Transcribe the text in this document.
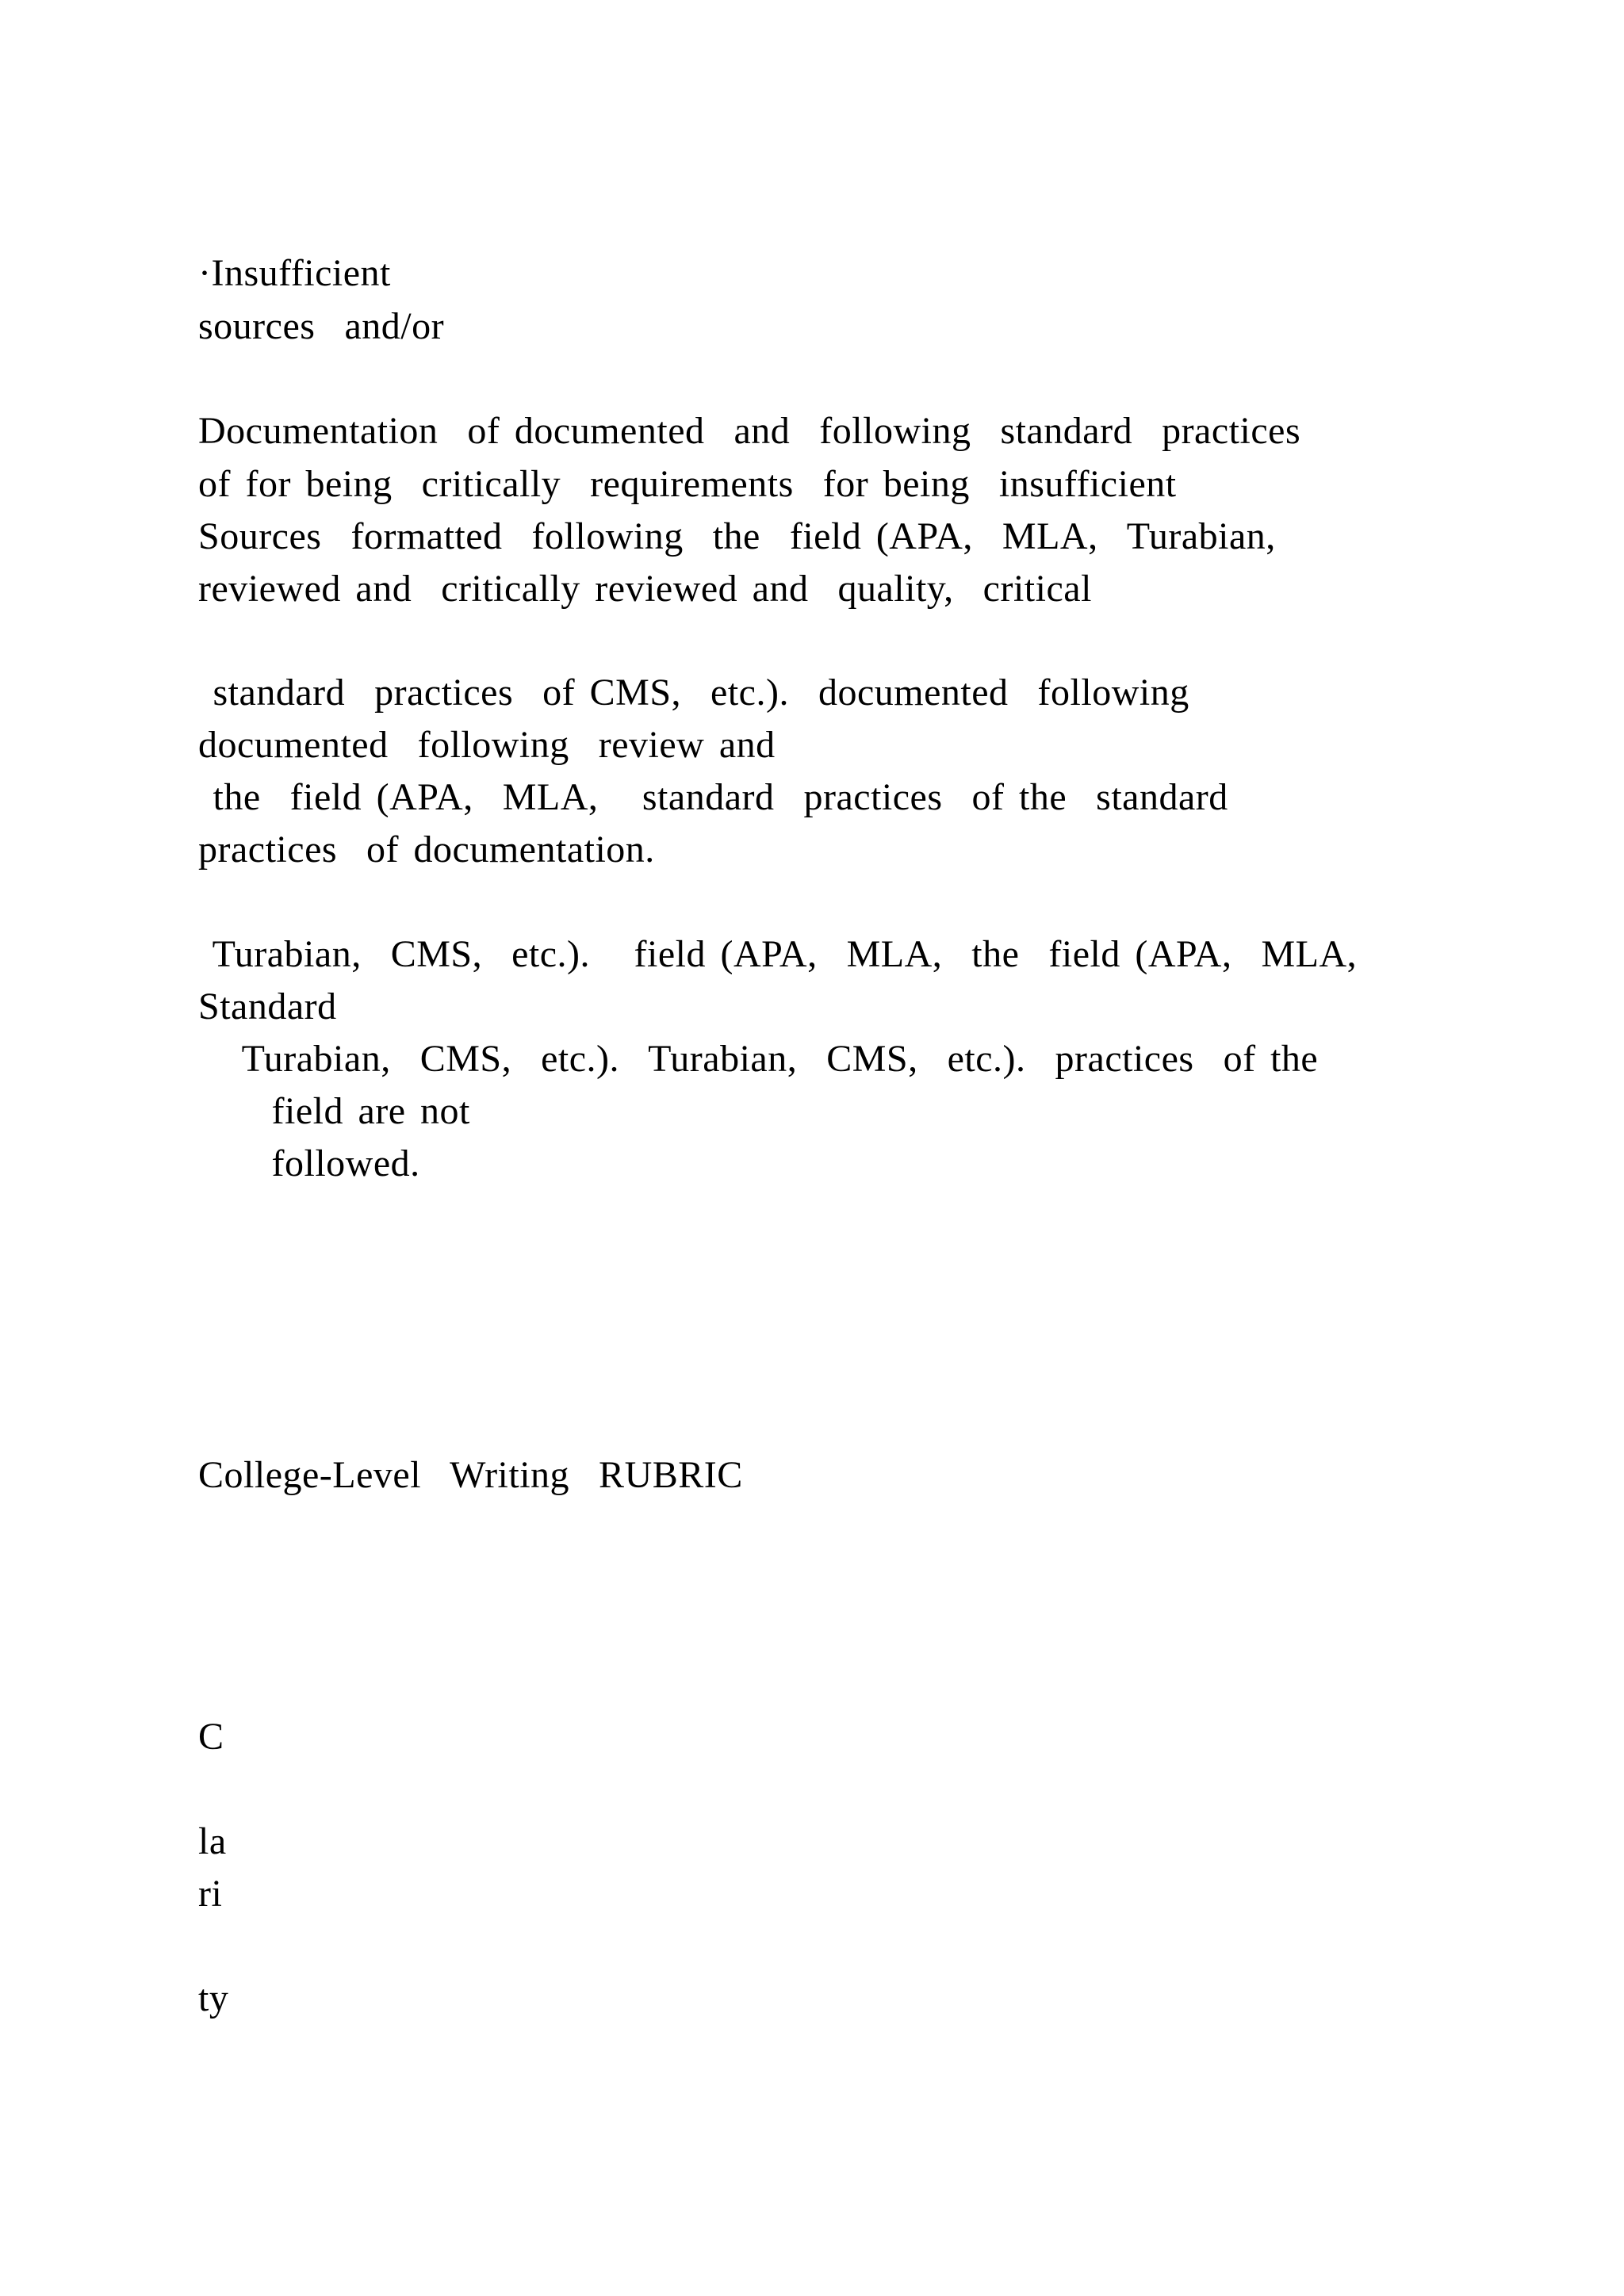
·Insufficient
sources  and/or
Documentation  of documented  and  following  standard  practices
of for being  critically  requirements  for being  insufficient
Sources  formatted  following  the  field (APA,  MLA,  Turabian,
reviewed and  critically reviewed and  quality,  critical
standard  practices  of CMS,  etc.).  documented  following
documented  following  review and
the  field (APA,  MLA,   standard  practices  of the  standard
practices  of documentation.
Turabian,  CMS,  etc.).   field (APA,  MLA,  the  field (APA,  MLA,
Standard
Turabian,  CMS,  etc.).  Turabian,  CMS,  etc.).  practices  of the
field are not
followed.
College-Level  Writing  RUBRIC
C
la
ri
ty
